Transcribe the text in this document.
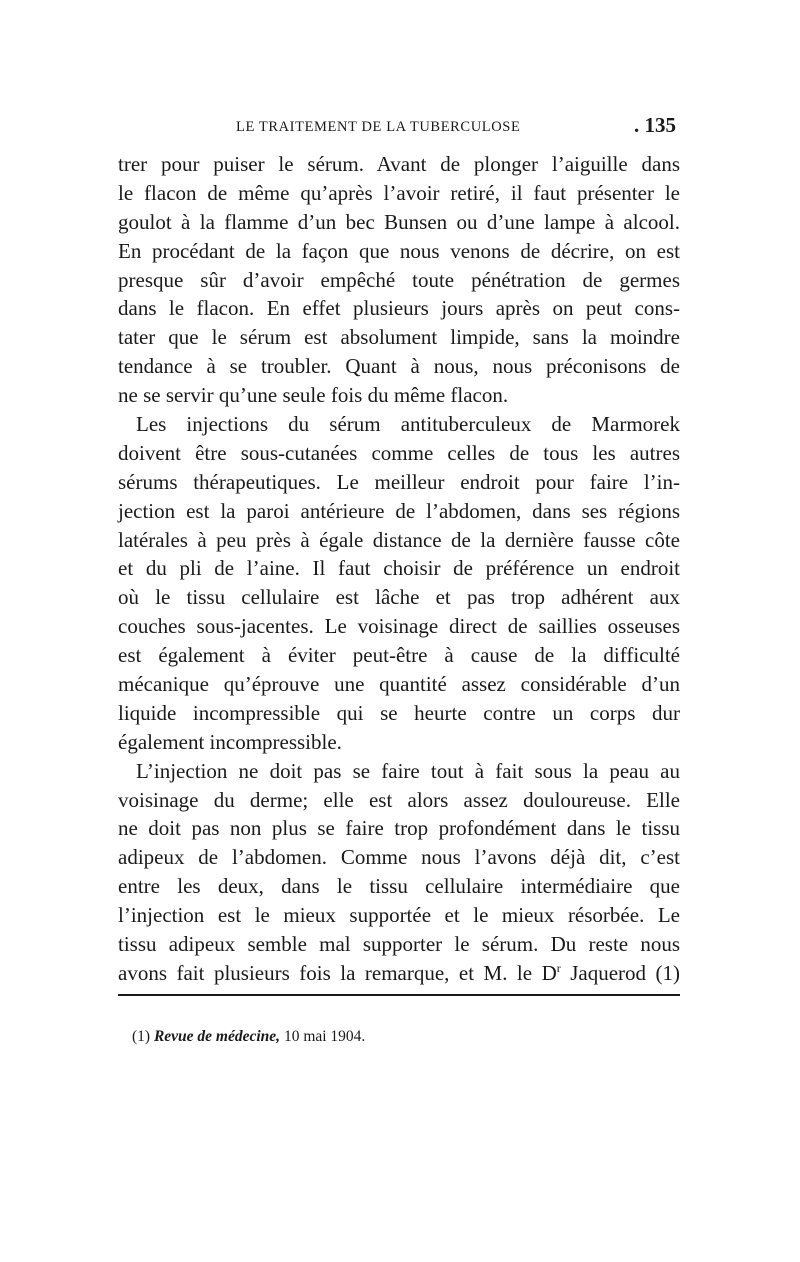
LE TRAITEMENT DE LA TUBERCULOSE	. 135

trer pour puiser le sérum. Avant de plonger l’aiguille dans
le flacon de même qu’après l’avoir retiré, il faut présenter le
goulot à la flamme d’un bec Bunsen ou d’une lampe à alcool.
En procédant de la façon que nous venons de décrire, on est
presque sûr d’avoir empêché toute pénétration de germes
dans le flacon. En effet plusieurs jours après on peut cons-
tater que le sérum est absolument limpide, sans la moindre
tendance à se troubler. Quant à nous, nous préconisons de
ne se servir qu’une seule fois du même flacon.

Les injections du sérum antituberculeux de Marmorek
doivent être sous-cutanées comme celles de tous les autres
sérums thérapeutiques. Le meilleur endroit pour faire l’in-
jection est la paroi antérieure de l’abdomen, dans ses régions
latérales à peu près à égale distance de la dernière fausse côte
et du pli de l’aine. Il faut choisir de préférence un endroit
où le tissu cellulaire est lâche et pas trop adhérent aux
couches sous-jacentes. Le voisinage direct de saillies osseuses
est également à éviter peut-être à cause de la difficulté
mécanique qu’éprouve une quantité assez considérable d’un
liquide incompressible qui se heurte contre un corps dur
également incompressible.

L’injection ne doit pas se faire tout à fait sous la peau au
voisinage du derme; elle est alors assez douloureuse. Elle
ne doit pas non plus se faire trop profondément dans le tissu
adipeux de l’abdomen. Comme nous l’avons déjà dit, c’est
entre les deux, dans le tissu cellulaire intermédiaire que
l’injection est le mieux supportée et le mieux résorbée. Le
tissu adipeux semble mal supporter le sérum. Du reste nous
avons fait plusieurs fois la remarque, et M. le $D^r$ Jaquerod (1)

(1) Revue de médecine, 10 mai 1904.
